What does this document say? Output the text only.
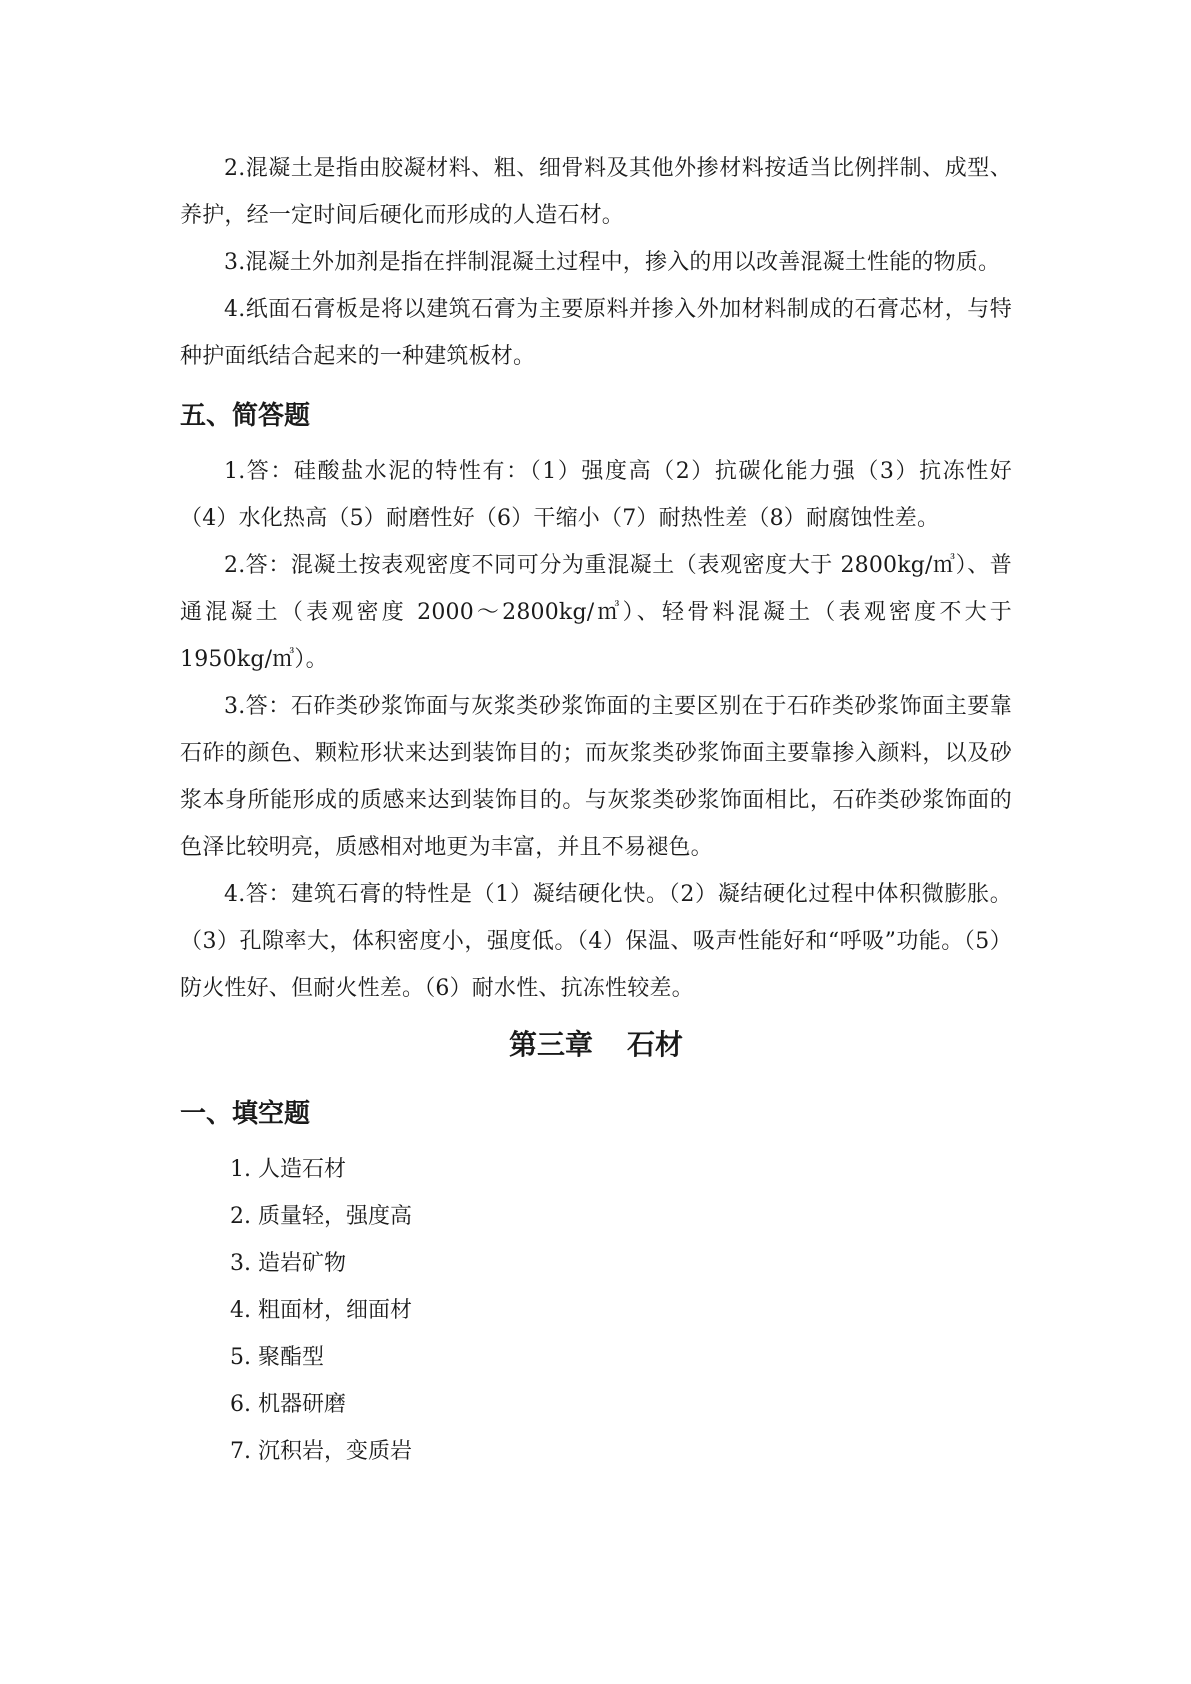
2.混凝土是指由胶凝材料、粗、细骨料及其他外掺材料按适当比例拌制、成型、养护，经一定时间后硬化而形成的人造石材。

3.混凝土外加剂是指在拌制混凝土过程中，掺入的用以改善混凝土性能的物质。

4.纸面石膏板是将以建筑石膏为主要原料并掺入外加材料制成的石膏芯材，与特种护面纸结合起来的一种建筑板材。

五、简答题

1.答：硅酸盐水泥的特性有：（1）强度高（2）抗碳化能力强（3）抗冻性好（4）水化热高（5）耐磨性好（6）干缩小（7）耐热性差（8）耐腐蚀性差。

2.答：混凝土按表观密度不同可分为重混凝土（表观密度大于 2800kg/㎥）、普通混凝土（表观密度 2000～2800kg/㎥）、轻骨料混凝土（表观密度不大于 1950kg/㎥）。

3.答：石砟类砂浆饰面与灰浆类砂浆饰面的主要区别在于石砟类砂浆饰面主要靠石砟的颜色、颗粒形状来达到装饰目的；而灰浆类砂浆饰面主要靠掺入颜料，以及砂浆本身所能形成的质感来达到装饰目的。与灰浆类砂浆饰面相比，石砟类砂浆饰面的色泽比较明亮，质感相对地更为丰富，并且不易褪色。

4.答：建筑石膏的特性是（1）凝结硬化快。（2）凝结硬化过程中体积微膨胀。（3）孔隙率大，体积密度小，强度低。（4）保温、吸声性能好和“呼吸”功能。（5）防火性好、但耐火性差。（6）耐水性、抗冻性较差。

第三章 石材
一、填空题
1. 人造石材
2. 质量轻，强度高
3. 造岩矿物
4. 粗面材，细面材
5. 聚酯型
6. 机器研磨
7. 沉积岩，变质岩
